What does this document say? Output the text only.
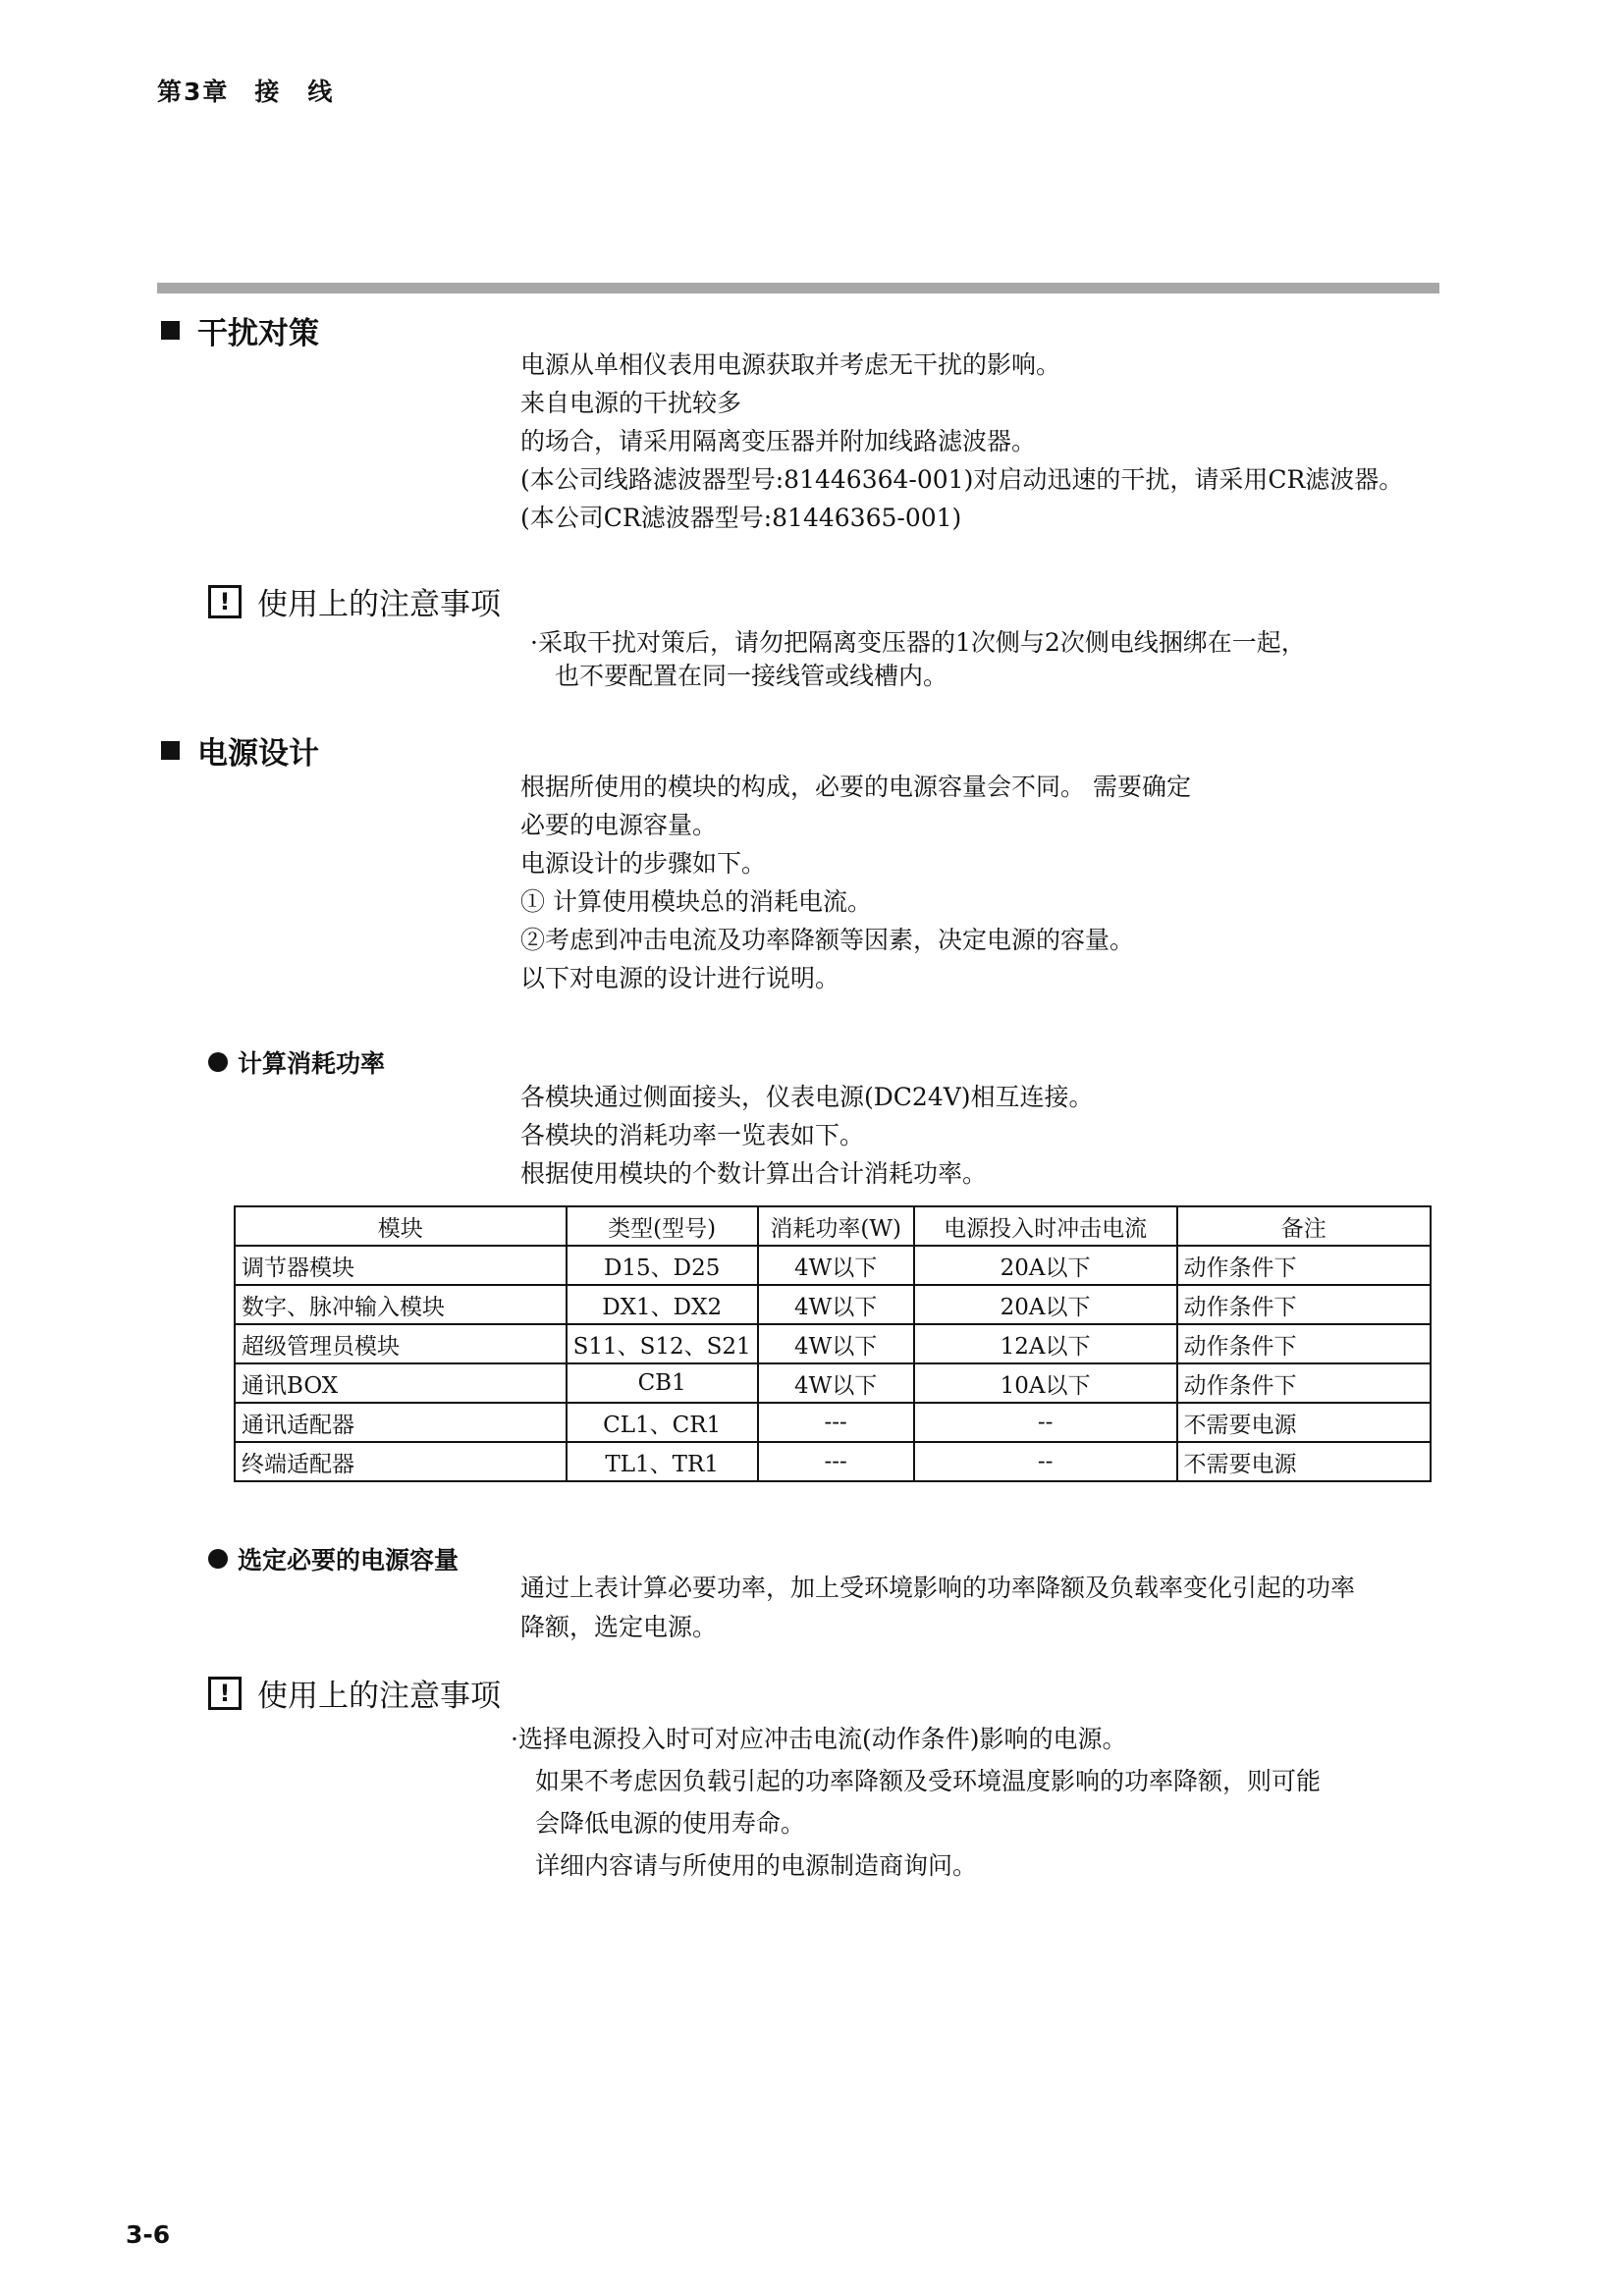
第3章 接　线
干扰对策
电源从单相仪表用电源获取并考虑无干扰的影响。
来自电源的干扰较多
的场合，请采用隔离变压器并附加线路滤波器。
(本公司线路滤波器型号:81446364-001)对启动迅速的干扰，请采用CR滤波器。
(本公司CR滤波器型号:81446365-001)
! 使用上的注意事项
·采取干扰对策后，请勿把隔离变压器的1次侧与2次侧电线捆绑在一起，
　也不要配置在同一接线管或线槽内。
电源设计
根据所使用的模块的构成，必要的电源容量会不同。 需要确定
必要的电源容量。
电源设计的步骤如下。
① 计算使用模块总的消耗电流。
②考虑到冲击电流及功率降额等因素，决定电源的容量。
以下对电源的设计进行说明。
计算消耗功率
各模块通过侧面接头，仪表电源(DC24V)相互连接。
各模块的消耗功率一览表如下。
根据使用模块的个数计算出合计消耗功率。
模块	类型(型号)	消耗功率(W)	电源投入时冲击电流	备注
调节器模块	D15、D25	4W以下	20A以下	动作条件下
数字、脉冲输入模块	DX1、DX2	4W以下	20A以下	动作条件下
超级管理员模块	S11、S12、S21	4W以下	12A以下	动作条件下
通讯BOX	CB1	4W以下	10A以下	动作条件下
通讯适配器	CL1、CR1	---	--	不需要电源
终端适配器	TL1、TR1	---	--	不需要电源
选定必要的电源容量
通过上表计算必要功率，加上受环境影响的功率降额及负载率变化引起的功率
降额，选定电源。
! 使用上的注意事项
·选择电源投入时可对应冲击电流(动作条件)影响的电源。
　如果不考虑因负载引起的功率降额及受环境温度影响的功率降额，则可能
　会降低电源的使用寿命。
　详细内容请与所使用的电源制造商询问。
3-6
